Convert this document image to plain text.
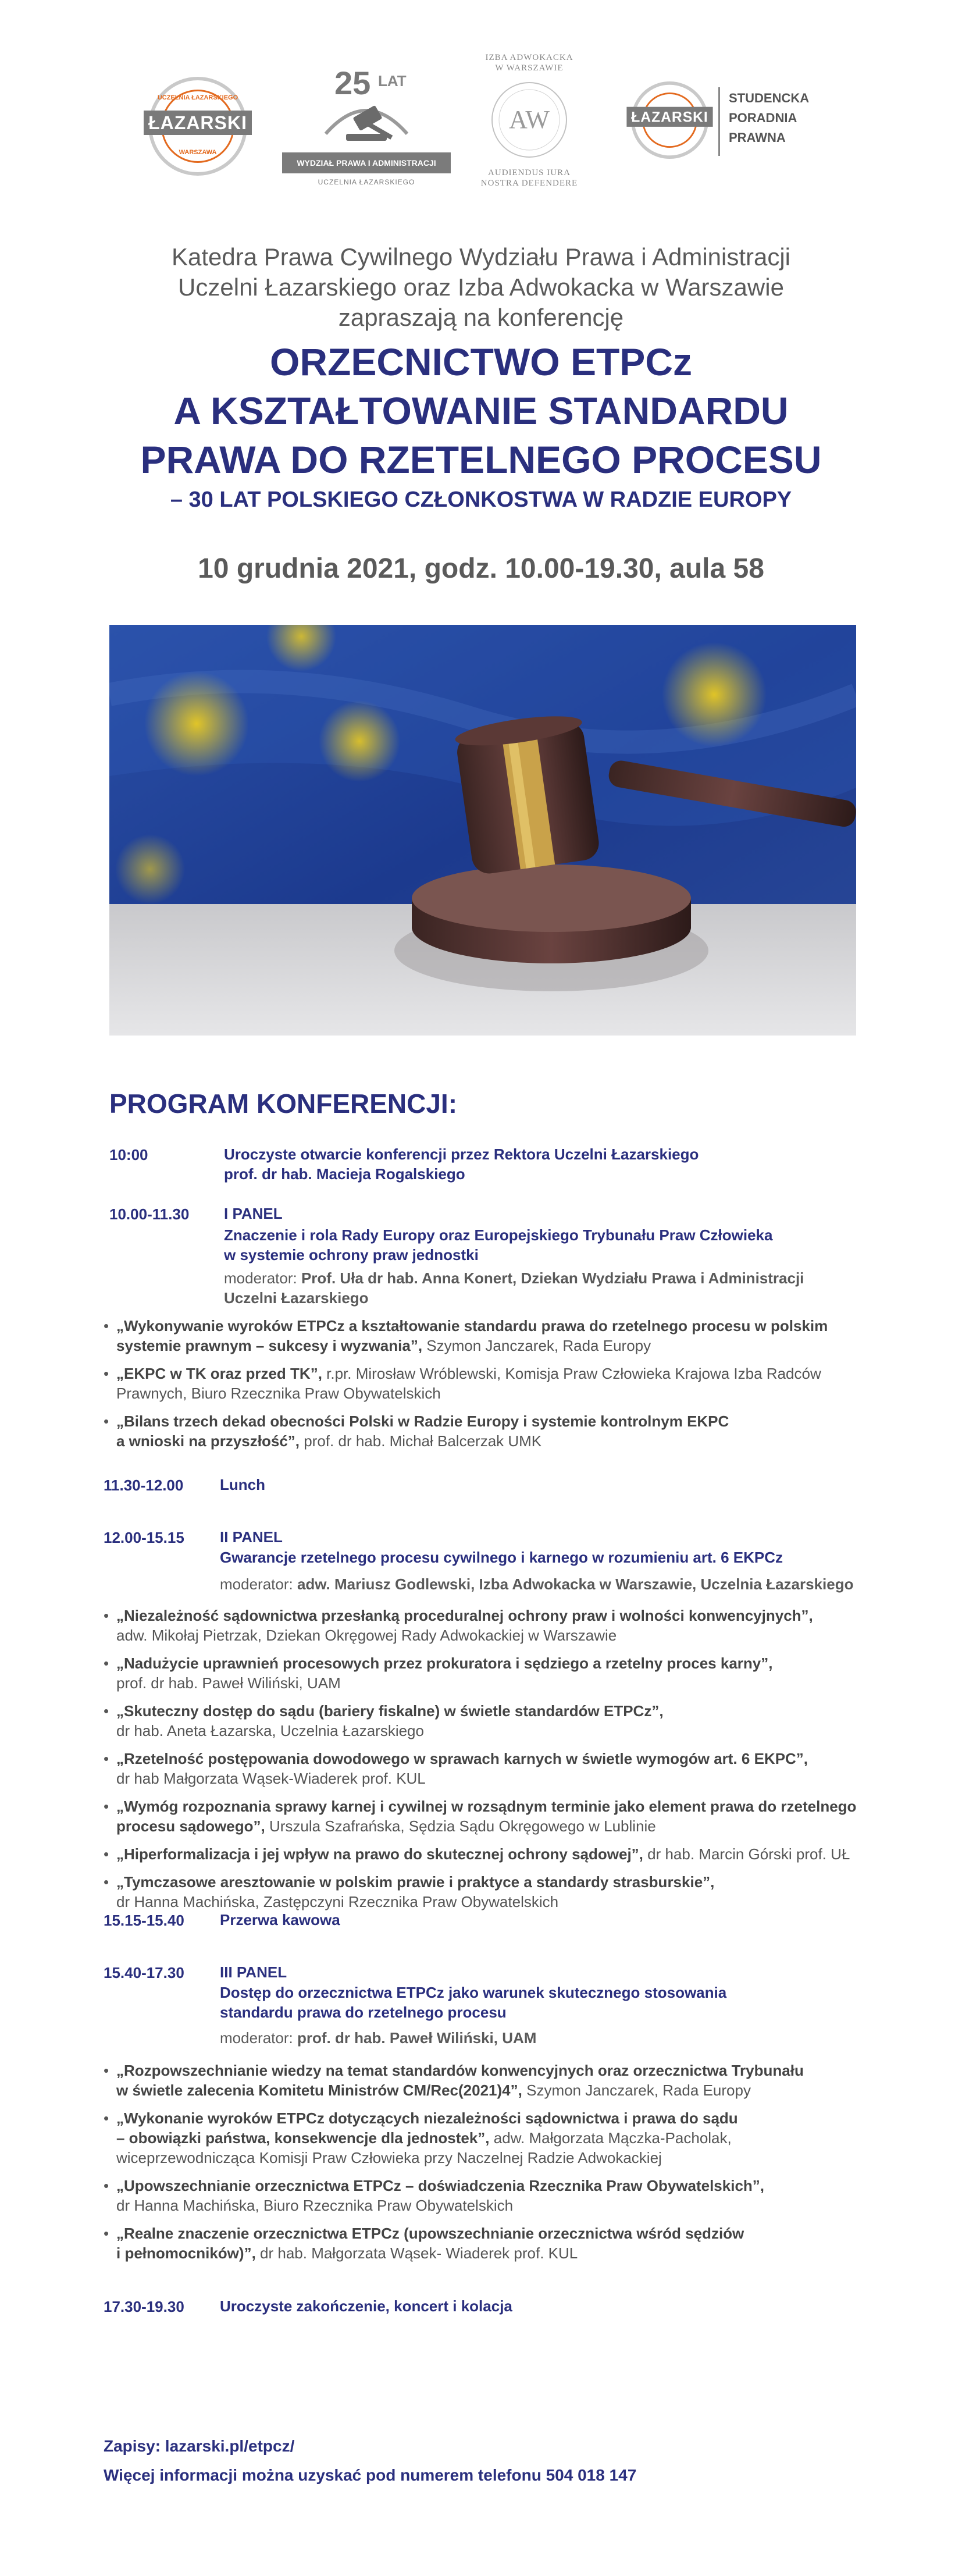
UCZELNIA ŁAZARSKIEGO
ŁAZARSKI
WARSZAWA
25 LAT
WYDZIAŁ PRAWA I ADMINISTRACJI
UCZELNIA ŁAZARSKIEGO
IZBA ADWOKACKA
W WARSZAWIE
AW
AUDIENDUS IURA
NOSTRA DEFENDERE
ŁAZARSKI
STUDENCKA
PORADNIA
PRAWNA
Katedra Prawa Cywilnego Wydziału Prawa i Administracji
Uczelni Łazarskiego oraz Izba Adwokacka w Warszawie
zapraszają na konferencję
ORZECNICTWO ETPCz
A KSZTAŁTOWANIE STANDARDU
PRAWA DO RZETELNEGO PROCESU
– 30 LAT POLSKIEGO CZŁONKOSTWA W RADZIE EUROPY
10 grudnia 2021, godz. 10.00-19.30, aula 58
PROGRAM KONFERENCJI:
10:00	Uroczyste otwarcie konferencji przez Rektora Uczelni Łazarskiego
prof. dr hab. Macieja Rogalskiego
10.00-11.30 I PANEL
Znaczenie i rola Rady Europy oraz Europejskiego Trybunału Praw Człowieka
w systemie ochrony praw jednostki
moderator: Prof. Uła dr hab. Anna Konert, Dziekan Wydziału Prawa i Administracji
Uczelni Łazarskiego
• „Wykonywanie wyroków ETPCz a kształtowanie standardu prawa do rzetelnego procesu w polskim
systemie prawnym – sukcesy i wyzwania”, Szymon Janczarek, Rada Europy
• „EKPC w TK oraz przed TK”, r.pr. Mirosław Wróblewski, Komisja Praw Człowieka Krajowa Izba Radców
Prawnych, Biuro Rzecznika Praw Obywatelskich
• „Bilans trzech dekad obecności Polski w Radzie Europy i systemie kontrolnym EKPC
a wnioski na przyszłość”, prof. dr hab. Michał Balcerzak UMK
11.30-12.00 Lunch
12.00-15.15 II PANEL
Gwarancje rzetelnego procesu cywilnego i karnego w rozumieniu art. 6 EKPCz
moderator: adw. Mariusz Godlewski, Izba Adwokacka w Warszawie, Uczelnia Łazarskiego
• „Niezależność sądownictwa przesłanką proceduralnej ochrony praw i wolności konwencyjnych”,
adw. Mikołaj Pietrzak, Dziekan Okręgowej Rady Adwokackiej w Warszawie
• „Nadużycie uprawnień procesowych przez prokuratora i sędziego a rzetelny proces karny”,
prof. dr hab. Paweł Wiliński, UAM
• „Skuteczny dostęp do sądu (bariery fiskalne) w świetle standardów ETPCz”,
dr hab. Aneta Łazarska, Uczelnia Łazarskiego
• „Rzetelność postępowania dowodowego w sprawach karnych w świetle wymogów art. 6 EKPC”,
dr hab Małgorzata Wąsek-Wiaderek prof. KUL
• „Wymóg rozpoznania sprawy karnej i cywilnej w rozsądnym terminie jako element prawa do rzetelnego
procesu sądowego”, Urszula Szafrańska, Sędzia Sądu Okręgowego w Lublinie
• „Hiperformalizacja i jej wpływ na prawo do skutecznej ochrony sądowej”, dr hab. Marcin Górski prof. UŁ
• „Tymczasowe aresztowanie w polskim prawie i praktyce a standardy strasburskie”,
dr Hanna Machińska, Zastępczyni Rzecznika Praw Obywatelskich
15.15-15.40 Przerwa kawowa
15.40-17.30 III PANEL
Dostęp do orzecznictwa ETPCz jako warunek skutecznego stosowania
standardu prawa do rzetelnego procesu
moderator: prof. dr hab. Paweł Wiliński, UAM
• „Rozpowszechnianie wiedzy na temat standardów konwencyjnych oraz orzecznictwa Trybunału
w świetle zalecenia Komitetu Ministrów CM/Rec(2021)4”, Szymon Janczarek, Rada Europy
• „Wykonanie wyroków ETPCz dotyczących niezależności sądownictwa i prawa do sądu
– obowiązki państwa, konsekwencje dla jednostek”, adw. Małgorzata Mączka-Pacholak,
wiceprzewodnicząca Komisji Praw Człowieka przy Naczelnej Radzie Adwokackiej
• „Upowszechnianie orzecznictwa ETPCz – doświadczenia Rzecznika Praw Obywatelskich”,
dr Hanna Machińska, Biuro Rzecznika Praw Obywatelskich
• „Realne znaczenie orzecznictwa ETPCz (upowszechnianie orzecznictwa wśród sędziów
i pełnomocników)”, dr hab. Małgorzata Wąsek- Wiaderek prof. KUL
17.30-19.30 Uroczyste zakończenie, koncert i kolacja
Zapisy: lazarski.pl/etpcz/
Więcej informacji można uzyskać pod numerem telefonu 504 018 147
